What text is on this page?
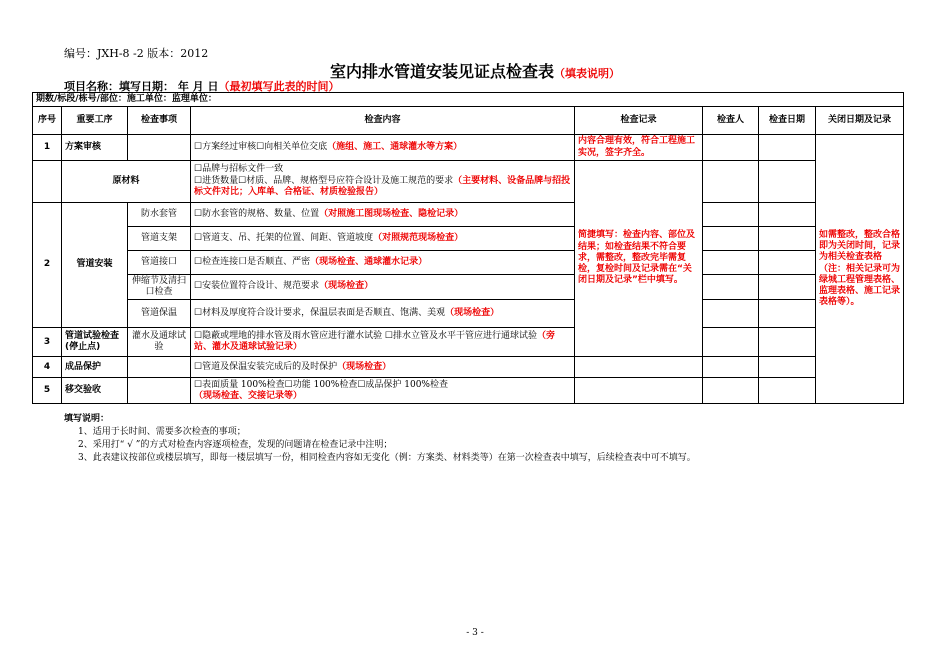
编号：JXH-8 -2 版本：2012
室内排水管道安装见证点检查表（填表说明）
项目名称：填写日期： 年 月 日（最初填写此表的时间）
期数/标段/栋号/部位：施工单位：监理单位：							
序号	重要工序	检查事项	检查内容	检查记录	检查人	检查日期	关闭日期及记录
1	方案审核		☐方案经过审核☐向相关单位交底（施组、施工、通球灌水等方案）	内容合理有效，符合工程施工实况，签字齐全。			如需整改，整改合格即为关闭时间，记录为相关检查表格（注：相关记录可为绿城工程管理表格、监理表格、施工记录表格等）。
	原材料		☐品牌与招标文件一致
☐进货数量☐材质、品牌、规格型号应符合设计及施工规范的要求（主要材料、设备品牌与招投标文件对比；入库单、合格证、材质检验报告）	简捷填写：检查内容、部位及结果；如检查结果不符合要求，需整改，整改完毕需复检，复检时间及记录需在“关闭日期及记录”栏中填写。			
2	管道安装	防水套管	☐防水套管的规格、数量、位置（对照施工图现场检查、隐检记录）				
		管道支架	☐管道支、吊、托架的位置、间距、管道坡度（对照规范现场检查）				
		管道接口	☐检查连接口是否顺直、严密（现场检查、通球灌水记录）				
		伸缩节及清扫口检查	☐安装位置符合设计、规范要求（现场检查）				
		管道保温	☐材料及厚度符合设计要求，保温层表面是否顺直、饱满、美观（现场检查）				
3	管道试验检查(停止点)	灌水及通球试验	☐隐蔽或埋地的排水管及雨水管应进行灌水试验 ☐排水立管及水平干管应进行通球试验（旁站、灌水及通球试验记录）				
4	成品保护		☐管道及保温安装完成后的及时保护（现场检查）				
5	移交验收		☐表面质量 100%检查☐功能 100%检查☐成品保护 100%检查
（现场检查、交接记录等）				

填写说明：
1、适用于长时间、需要多次检查的事项；
2、采用打“ √ ”的方式对检查内容逐项检查，发现的问题请在检查记录中注明；
3、此表建议按部位或楼层填写，即每一楼层填写一份，相同检查内容如无变化（例：方案类、材料类等）在第一次检查表中填写，后续检查表中可不填写。
- 3 -
